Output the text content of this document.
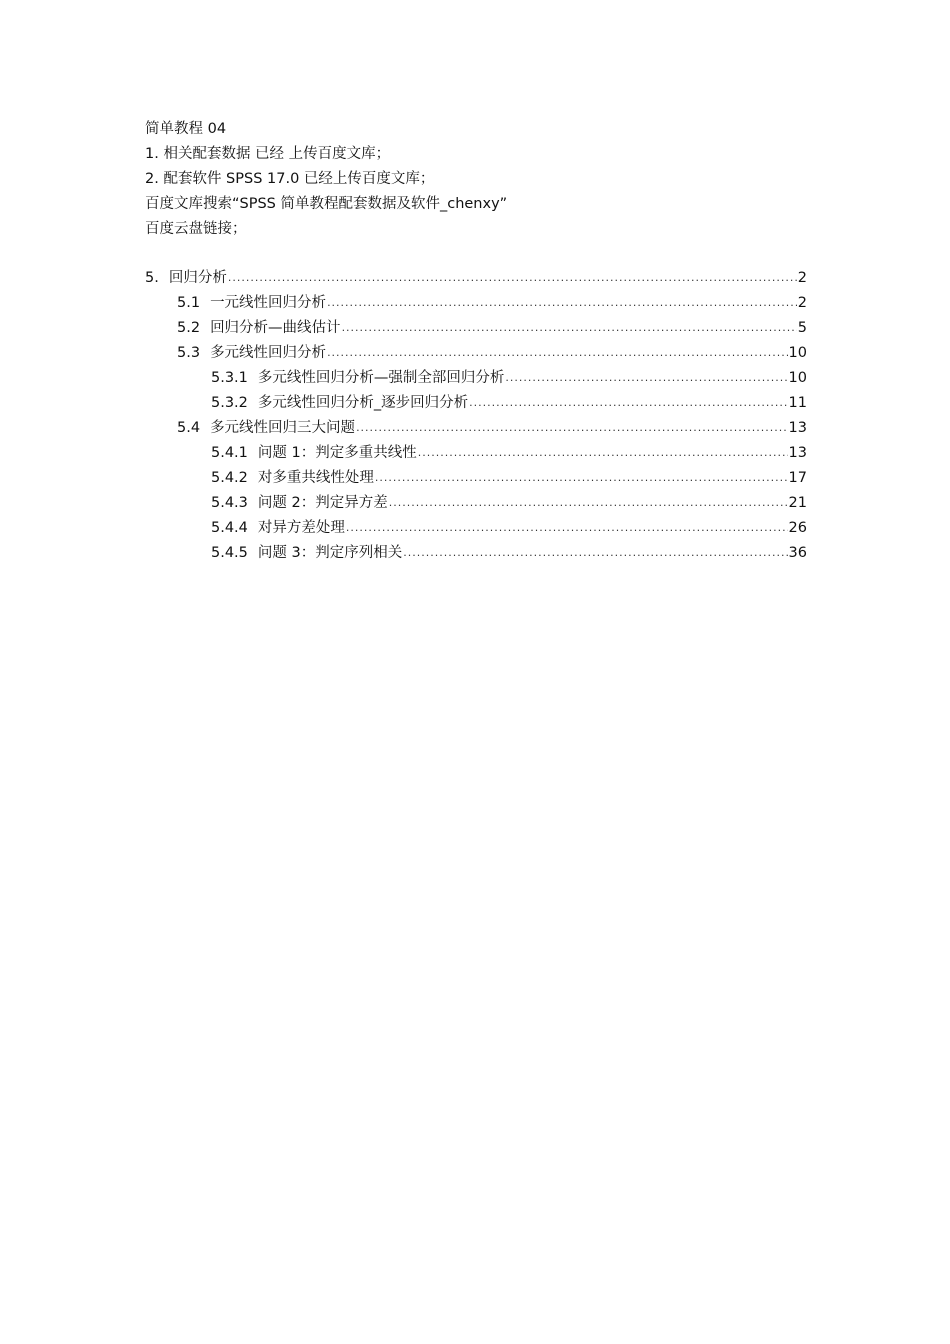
简单教程 04
1. 相关配套数据 已经 上传百度文库；
2. 配套软件 SPSS 17.0 已经上传百度文库；
百度文库搜索“SPSS 简单教程配套数据及软件_chenxy”
百度云盘链接；
5. 回归分析 .....	2
5.1 一元线性回归分析 .....	2
5.2 回归分析—曲线估计 .....	5
5.3 多元线性回归分析 .....	10
5.3.1 多元线性回归分析—强制全部回归分析 .....	10
5.3.2 多元线性回归分析_逐步回归分析 .....	11
5.4 多元线性回归三大问题 .....	13
5.4.1 问题 1：判定多重共线性 .....	13
5.4.2 对多重共线性处理 .....	17
5.4.3 问题 2：判定异方差 .....	21
5.4.4 对异方差处理 .....	26
5.4.5 问题 3：判定序列相关 .....	36
